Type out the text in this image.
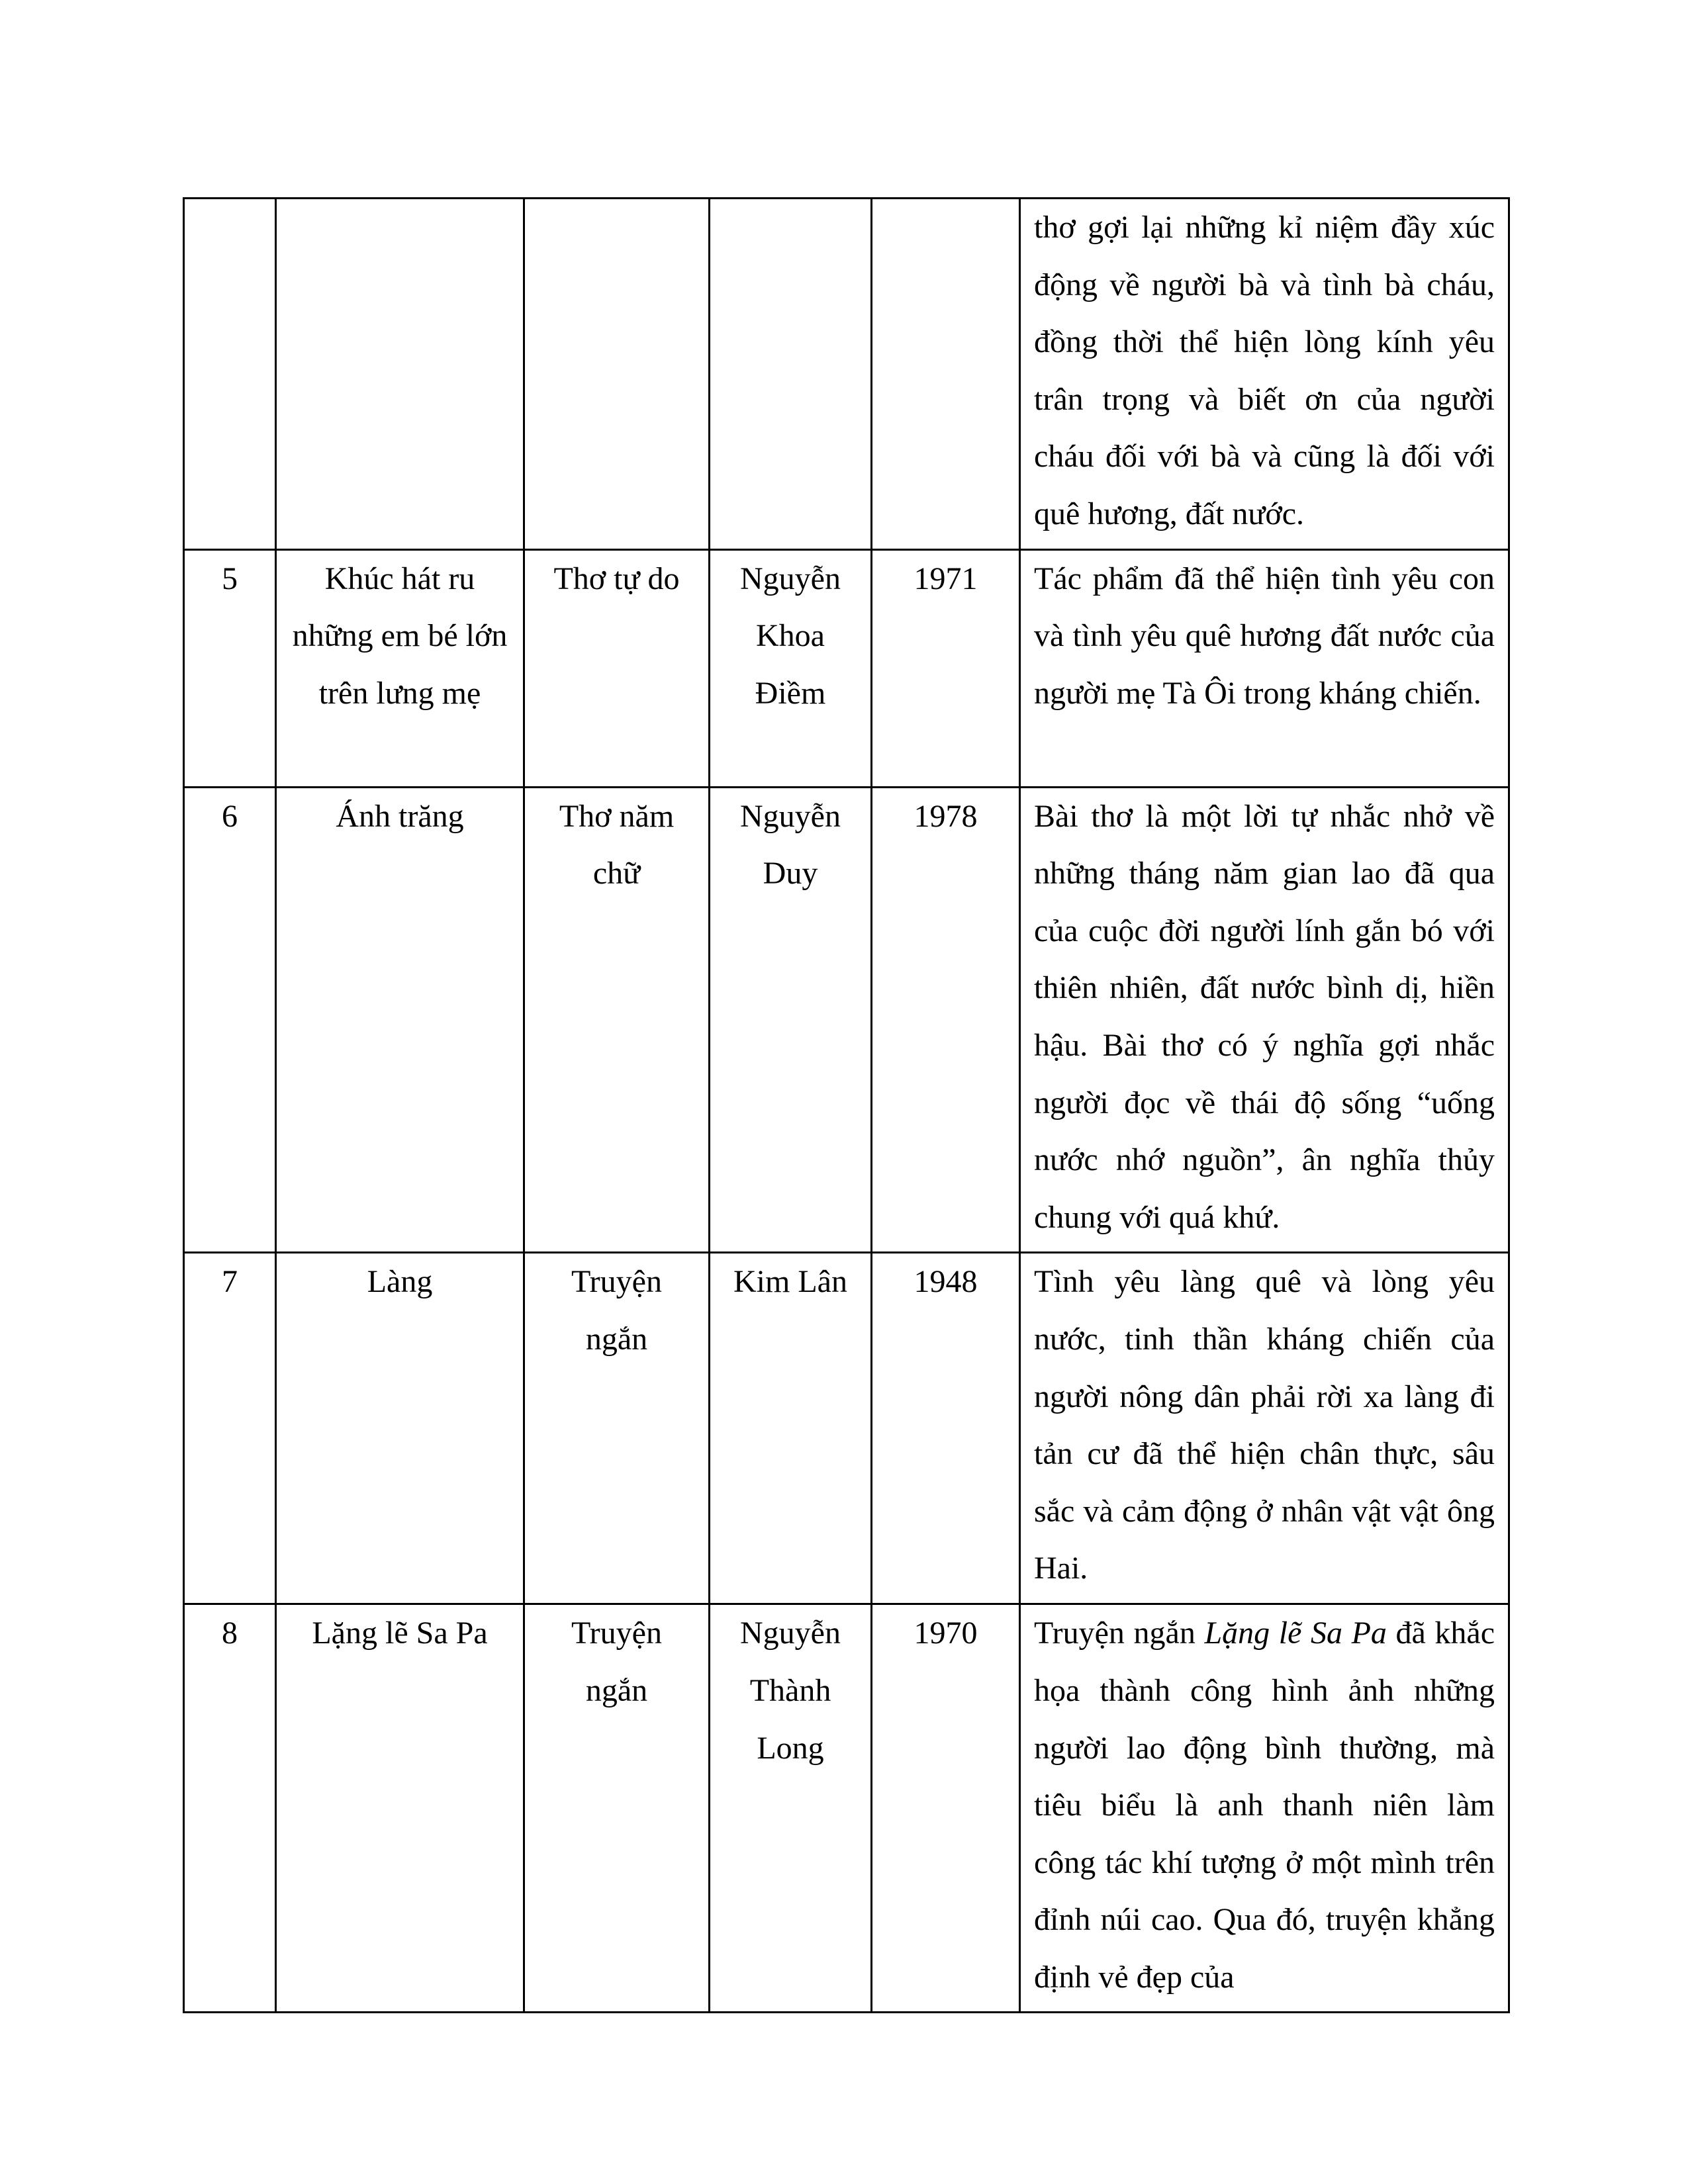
					thơ gợi lại những kỉ niệm đầy xúc động về người bà và tình bà cháu, đồng thời thể hiện lòng kính yêu trân trọng và biết ơn của người cháu đối với bà và cũng là đối với quê hương, đất nước.
5	Khúc hát ru những em bé lớn trên lưng mẹ	Thơ tự do	Nguyễn Khoa Điềm	1971	Tác phẩm đã thể hiện tình yêu con và tình yêu quê hương đất nước của người mẹ Tà Ôi trong kháng chiến.
6	Ánh trăng	Thơ năm chữ	Nguyễn Duy	1978	Bài thơ là một lời tự nhắc nhở về những tháng năm gian lao đã qua của cuộc đời người lính gắn bó với thiên nhiên, đất nước bình dị, hiền hậu. Bài thơ có ý nghĩa gợi nhắc người đọc về thái độ sống “uống nước nhớ nguồn”, ân nghĩa thủy chung với quá khứ.
7	Làng	Truyện ngắn	Kim Lân	1948	Tình yêu làng quê và lòng yêu nước, tinh thần kháng chiến của người nông dân phải rời xa làng đi tản cư đã thể hiện chân thực, sâu sắc và cảm động ở nhân vật vật ông Hai.
8	Lặng lẽ Sa Pa	Truyện ngắn	Nguyễn Thành Long	1970	Truyện ngắn Lặng lẽ Sa Pa đã khắc họa thành công hình ảnh những người lao động bình thường, mà tiêu biểu là anh thanh niên làm công tác khí tượng ở một mình trên đỉnh núi cao. Qua đó, truyện khẳng định vẻ đẹp của
